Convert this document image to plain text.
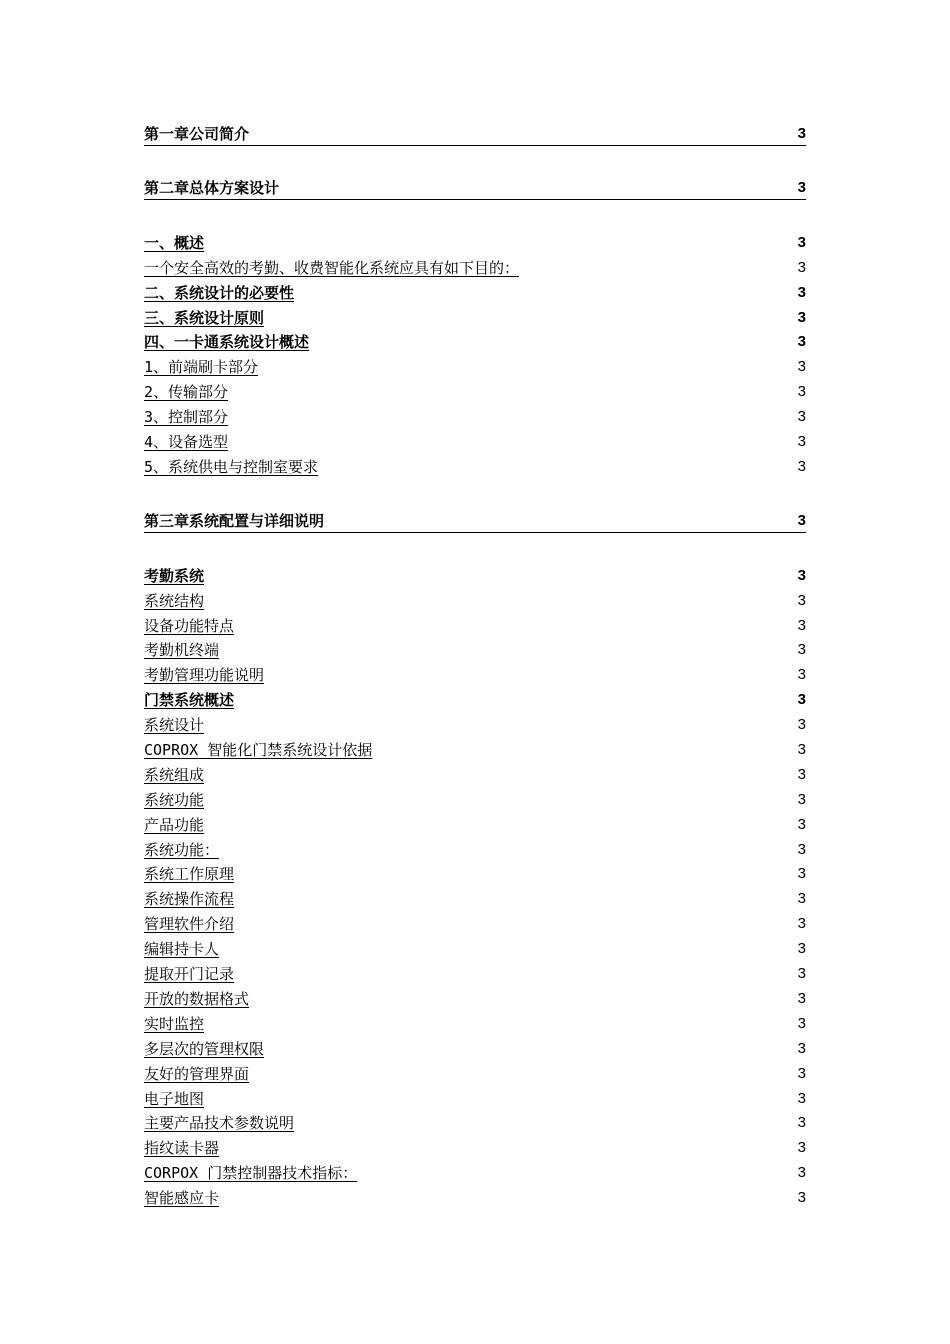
第一章公司简介	3
第二章总体方案设计	3
一、概述	3
一个安全高效的考勤、收费智能化系统应具有如下目的：	3
二、系统设计的必要性	3
三、系统设计原则	3
四、一卡通系统设计概述	3
1、前端刷卡部分	3
2、传输部分	3
3、控制部分	3
4、设备选型	3
5、系统供电与控制室要求	3
第三章系统配置与详细说明	3
考勤系统	3
系统结构	3
设备功能特点	3
考勤机终端	3
考勤管理功能说明	3
门禁系统概述	3
系统设计	3
COPROX 智能化门禁系统设计依据	3
系统组成	3
系统功能	3
产品功能	3
系统功能：	3
系统工作原理	3
系统操作流程	3
管理软件介绍	3
编辑持卡人	3
提取开门记录	3
开放的数据格式	3
实时监控	3
多层次的管理权限	3
友好的管理界面	3
电子地图	3
主要产品技术参数说明	3
指纹读卡器	3
CORPOX 门禁控制器技术指标：	3
智能感应卡	3
